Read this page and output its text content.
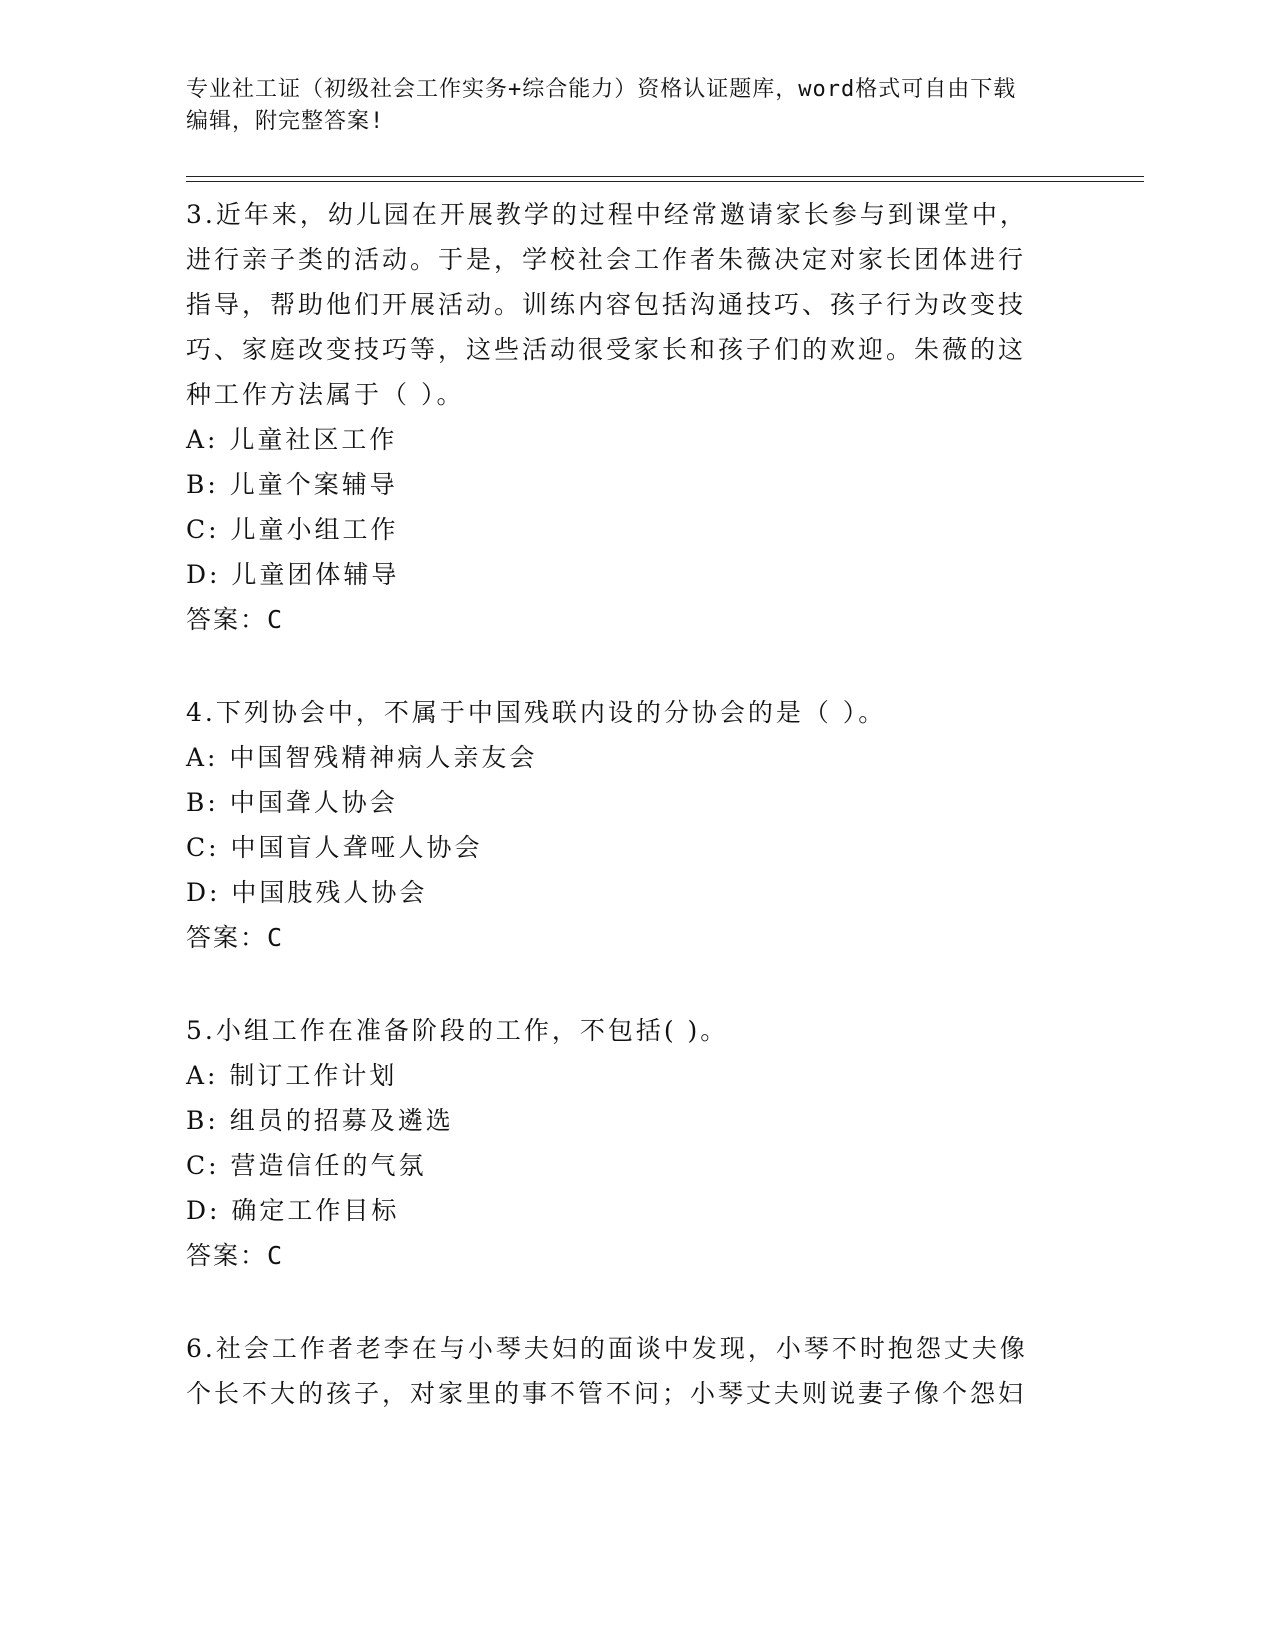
专业社工证（初级社会工作实务+综合能力）资格认证题库，word格式可自由下载
编辑，附完整答案!
3.近年来，幼儿园在开展教学的过程中经常邀请家长参与到课堂中，
进行亲子类的活动。于是，学校社会工作者朱薇决定对家长团体进行
指导，帮助他们开展活动。训练内容包括沟通技巧、孩子行为改变技
巧、家庭改变技巧等，这些活动很受家长和孩子们的欢迎。朱薇的这
种工作方法属于（ ）。
A: 儿童社区工作
B: 儿童个案辅导
C: 儿童小组工作
D: 儿童团体辅导
答案：C
4.下列协会中，不属于中国残联内设的分协会的是（ ）。
A: 中国智残精神病人亲友会
B: 中国聋人协会
C: 中国盲人聋哑人协会
D: 中国肢残人协会
答案：C
5.小组工作在准备阶段的工作，不包括( )。
A: 制订工作计划
B: 组员的招募及遴选
C: 营造信任的气氛
D: 确定工作目标
答案：C
6.社会工作者老李在与小琴夫妇的面谈中发现，小琴不时抱怨丈夫像
个长不大的孩子，对家里的事不管不问；小琴丈夫则说妻子像个怨妇
